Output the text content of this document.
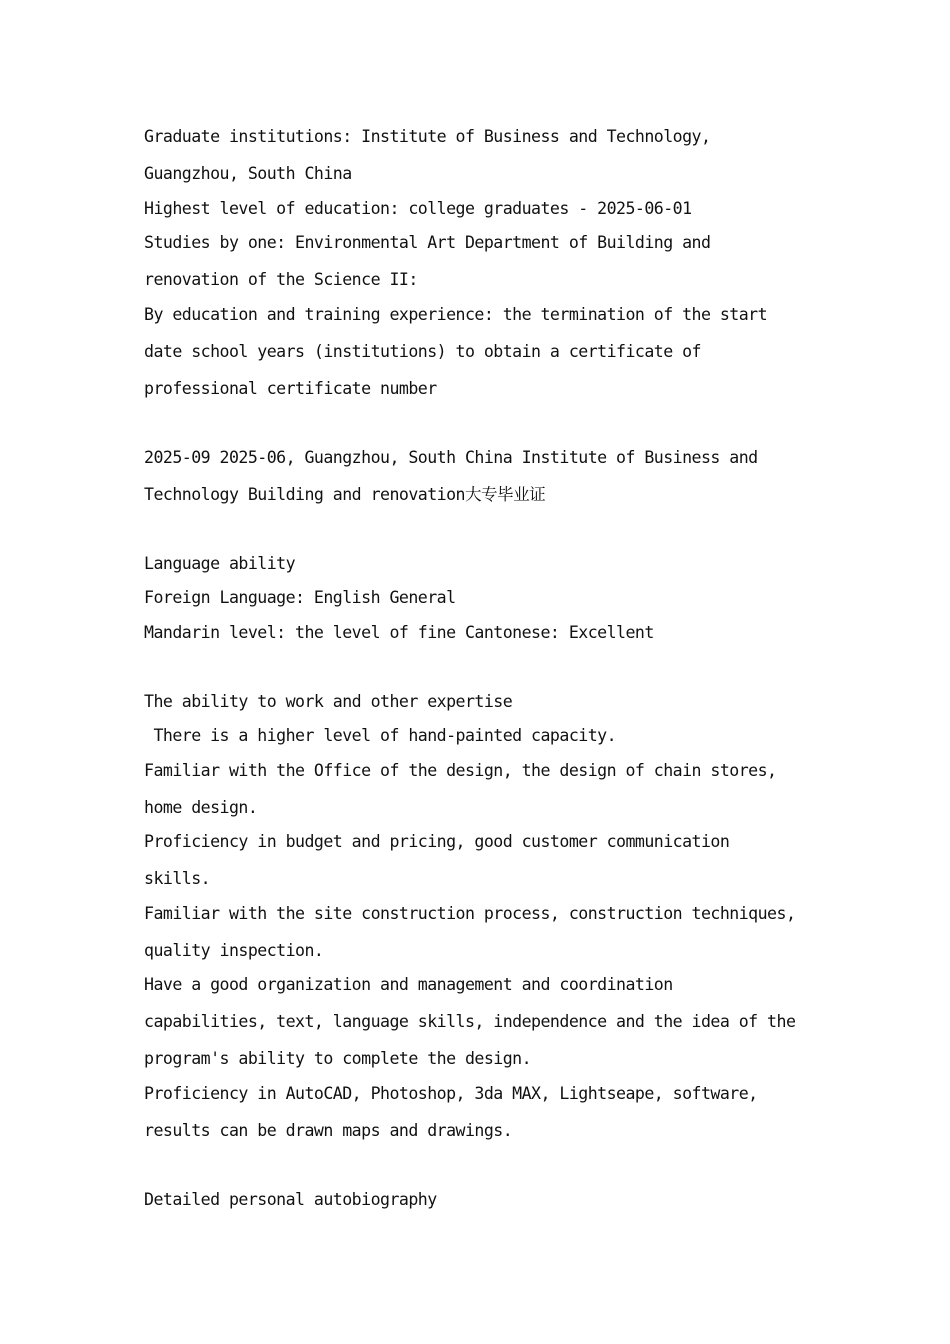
Graduate institutions: Institute of Business and Technology,
Guangzhou, South China
Highest level of education: college graduates - 2025-06-01
Studies by one: Environmental Art Department of Building and
renovation of the Science II:
By education and training experience: the termination of the start
date school years (institutions) to obtain a certificate of
professional certificate number
2025-09 2025-06, Guangzhou, South China Institute of Business and
Technology Building and renovation大专毕业证
Language ability
Foreign Language: English General
Mandarin level: the level of fine Cantonese: Excellent
The ability to work and other expertise
There is a higher level of hand-painted capacity.
Familiar with the Office of the design, the design of chain stores,
home design.
Proficiency in budget and pricing, good customer communication
skills.
Familiar with the site construction process, construction techniques,
quality inspection.
Have a good organization and management and coordination
capabilities, text, language skills, independence and the idea of the
program's ability to complete the design.
Proficiency in AutoCAD, Photoshop, 3da MAX, Lightseape, software,
results can be drawn maps and drawings.
Detailed personal autobiography
